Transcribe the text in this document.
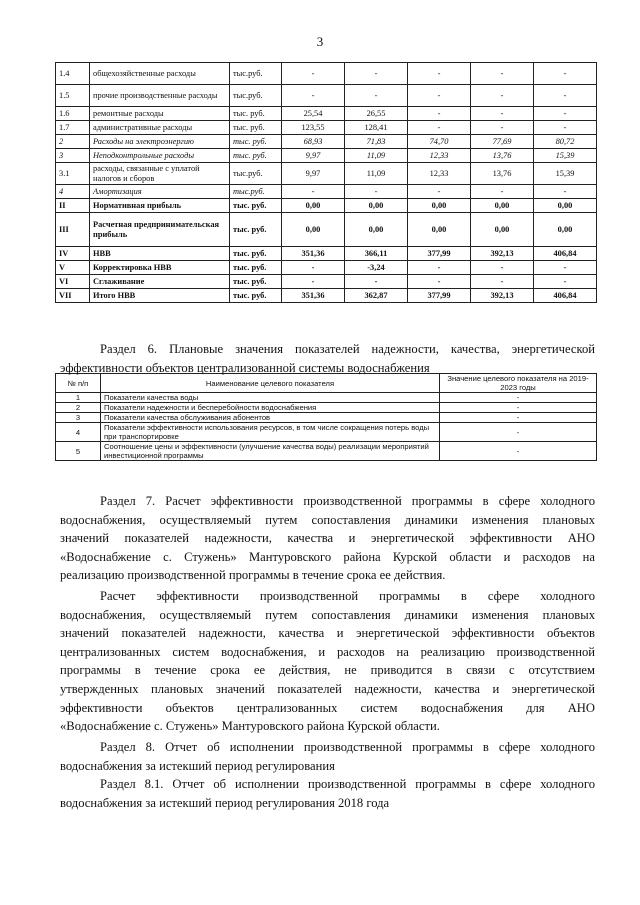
3
1.4	общехозяйственные расходы	тыс.руб.	-	-	-	-	-
1.5	прочие производственные расходы	тыс.руб.	-	-	-	-	-
1.6	ремонтные расходы	тыс. руб.	25,54	26,55	-	-	-
1.7	административные расходы	тыс. руб.	123,55	128,41	-	-	-
2	Расходы на электроэнергию	тыс. руб.	68,93	71,83	74,70	77,69	80,72
3	Неподконтрольные расходы	тыс. руб.	9,97	11,09	12,33	13,76	15,39
3.1	расходы, связанные с уплатой налогов и сборов	тыс.руб.	9,97	11,09	12,33	13,76	15,39
4	Амортизация	тыс.руб.	-	-	-	-	-
II	Нормативная прибыль	тыс. руб.	0,00	0,00	0,00	0,00	0,00
III	Расчетная предпринимательская прибыль	тыс. руб.	0,00	0,00	0,00	0,00	0,00
IV	НВВ	тыс. руб.	351,36	366,11	377,99	392,13	406,84
V	Корректировка НВВ	тыс. руб.	-	-3,24	-	-	-
VI	Сглаживание	тыс. руб.	-	-	-	-	-
VII	Итого НВВ	тыс. руб.	351,36	362,87	377,99	392,13	406,84
Раздел 6. Плановые значения показателей надежности, качества, энергетической
эффективности объектов централизованной системы водоснабжения
№ п/п	Наименование целевого показателя	Значение целевого показателя на 2019-2023 годы
1	Показатели качества воды	-
2	Показатели надежности и бесперебойности водоснабжения	-
3	Показатели качества обслуживания абонентов	-
4	Показатели эффективности использования ресурсов, в том числе сокращения потерь воды при транспортировке	-
5	Соотношение цены и эффективности (улучшение качества воды) реализации мероприятий инвестиционной программы	-
Раздел 7. Расчет эффективности производственной программы в сфере холодного
водоснабжения, осуществляемый путем сопоставления динамики изменения плановых
значений показателей надежности, качества и энергетической эффективности АНО
«Водоснабжение с. Стужень» Мантуровского района Курской области и расходов на
реализацию производственной программы в течение срока ее действия.
Расчет эффективности производственной программы в сфере холодного
водоснабжения, осуществляемый путем сопоставления динамики изменения плановых
значений показателей надежности, качества и энергетической эффективности объектов
централизованных систем водоснабжения, и расходов на реализацию производственной
программы в течение срока ее действия, не приводится в связи с отсутствием
утвержденных плановых значений показателей надежности, качества и энергетической
эффективности объектов централизованных систем водоснабжения для АНО
«Водоснабжение с. Стужень» Мантуровского района Курской области.
Раздел 8. Отчет об исполнении производственной программы в сфере холодного
водоснабжения за истекший период регулирования
Раздел 8.1. Отчет об исполнении производственной программы в сфере холодного
водоснабжения за истекший период регулирования 2018 года
